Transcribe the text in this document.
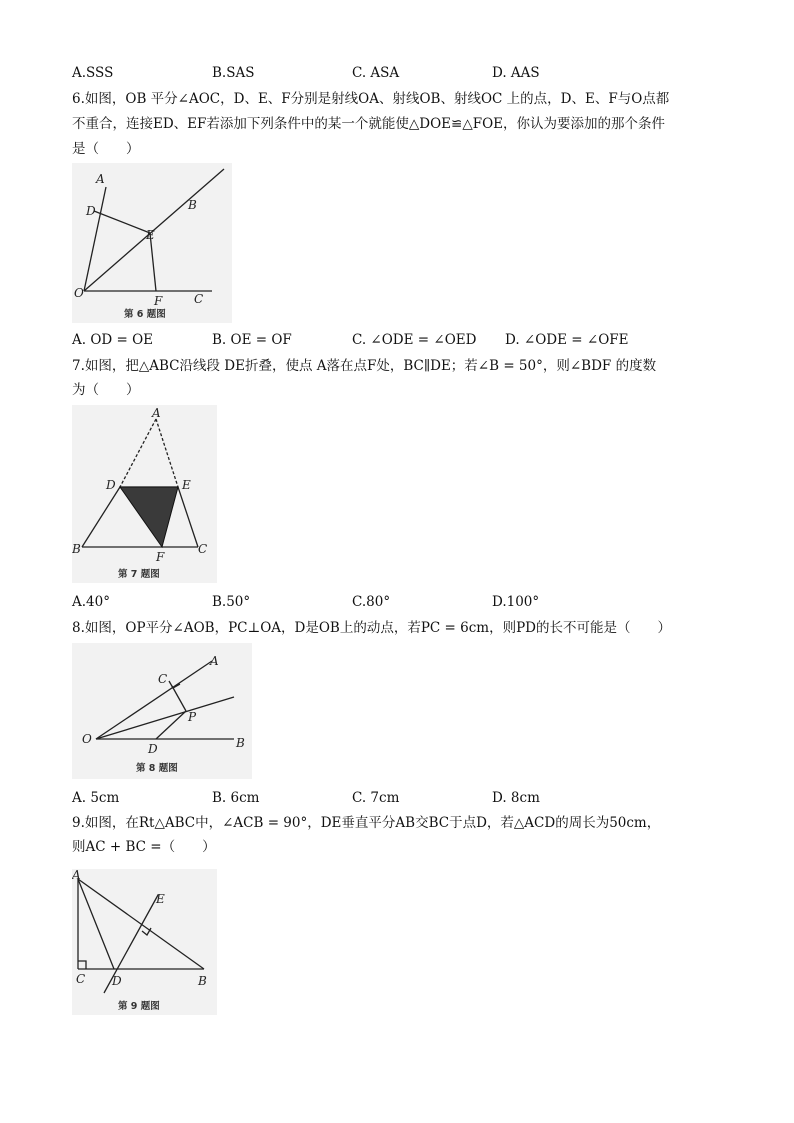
A.SSS	B.SAS	C. ASA	D. AAS
6.如图，OB 平分∠AOC，D、E、F分别是射线OA、射线OB、射线OC 上的点，D、E、F与O点都
不重合，连接ED、EF若添加下列条件中的某一个就能使△DOE≌△FOE，你认为要添加的那个条件
是（　　）
A
D	B
E
O
F	C
第 6 题图
A. OD = OE	B. OE = OF	C. ∠ODE = ∠OED D. ∠ODE = ∠OFE
7.如图，把△ABC沿线段 DE折叠，使点 A落在点F处，BC∥DE；若∠B = 50°，则∠BDF 的度数
为（　　）
A
D	E
B
F
C
第 7 题图
A.40°	B.50°	C.80°	D.100°
8.如图，OP平分∠AOB，PC⊥OA，D是OB上的动点，若PC = 6cm，则PD的长不可能是（　　）
A
C
P
O
D	B
第 8 题图
A. 5cm	B. 6cm	C. 7cm	D. 8cm
9.如图，在Rt△ABC中，∠ACB = 90°，DE垂直平分AB交BC于点D，若△ACD的周长为50cm，
则AC + BC =（　　）
A
E
C D	B
第 9 题图
